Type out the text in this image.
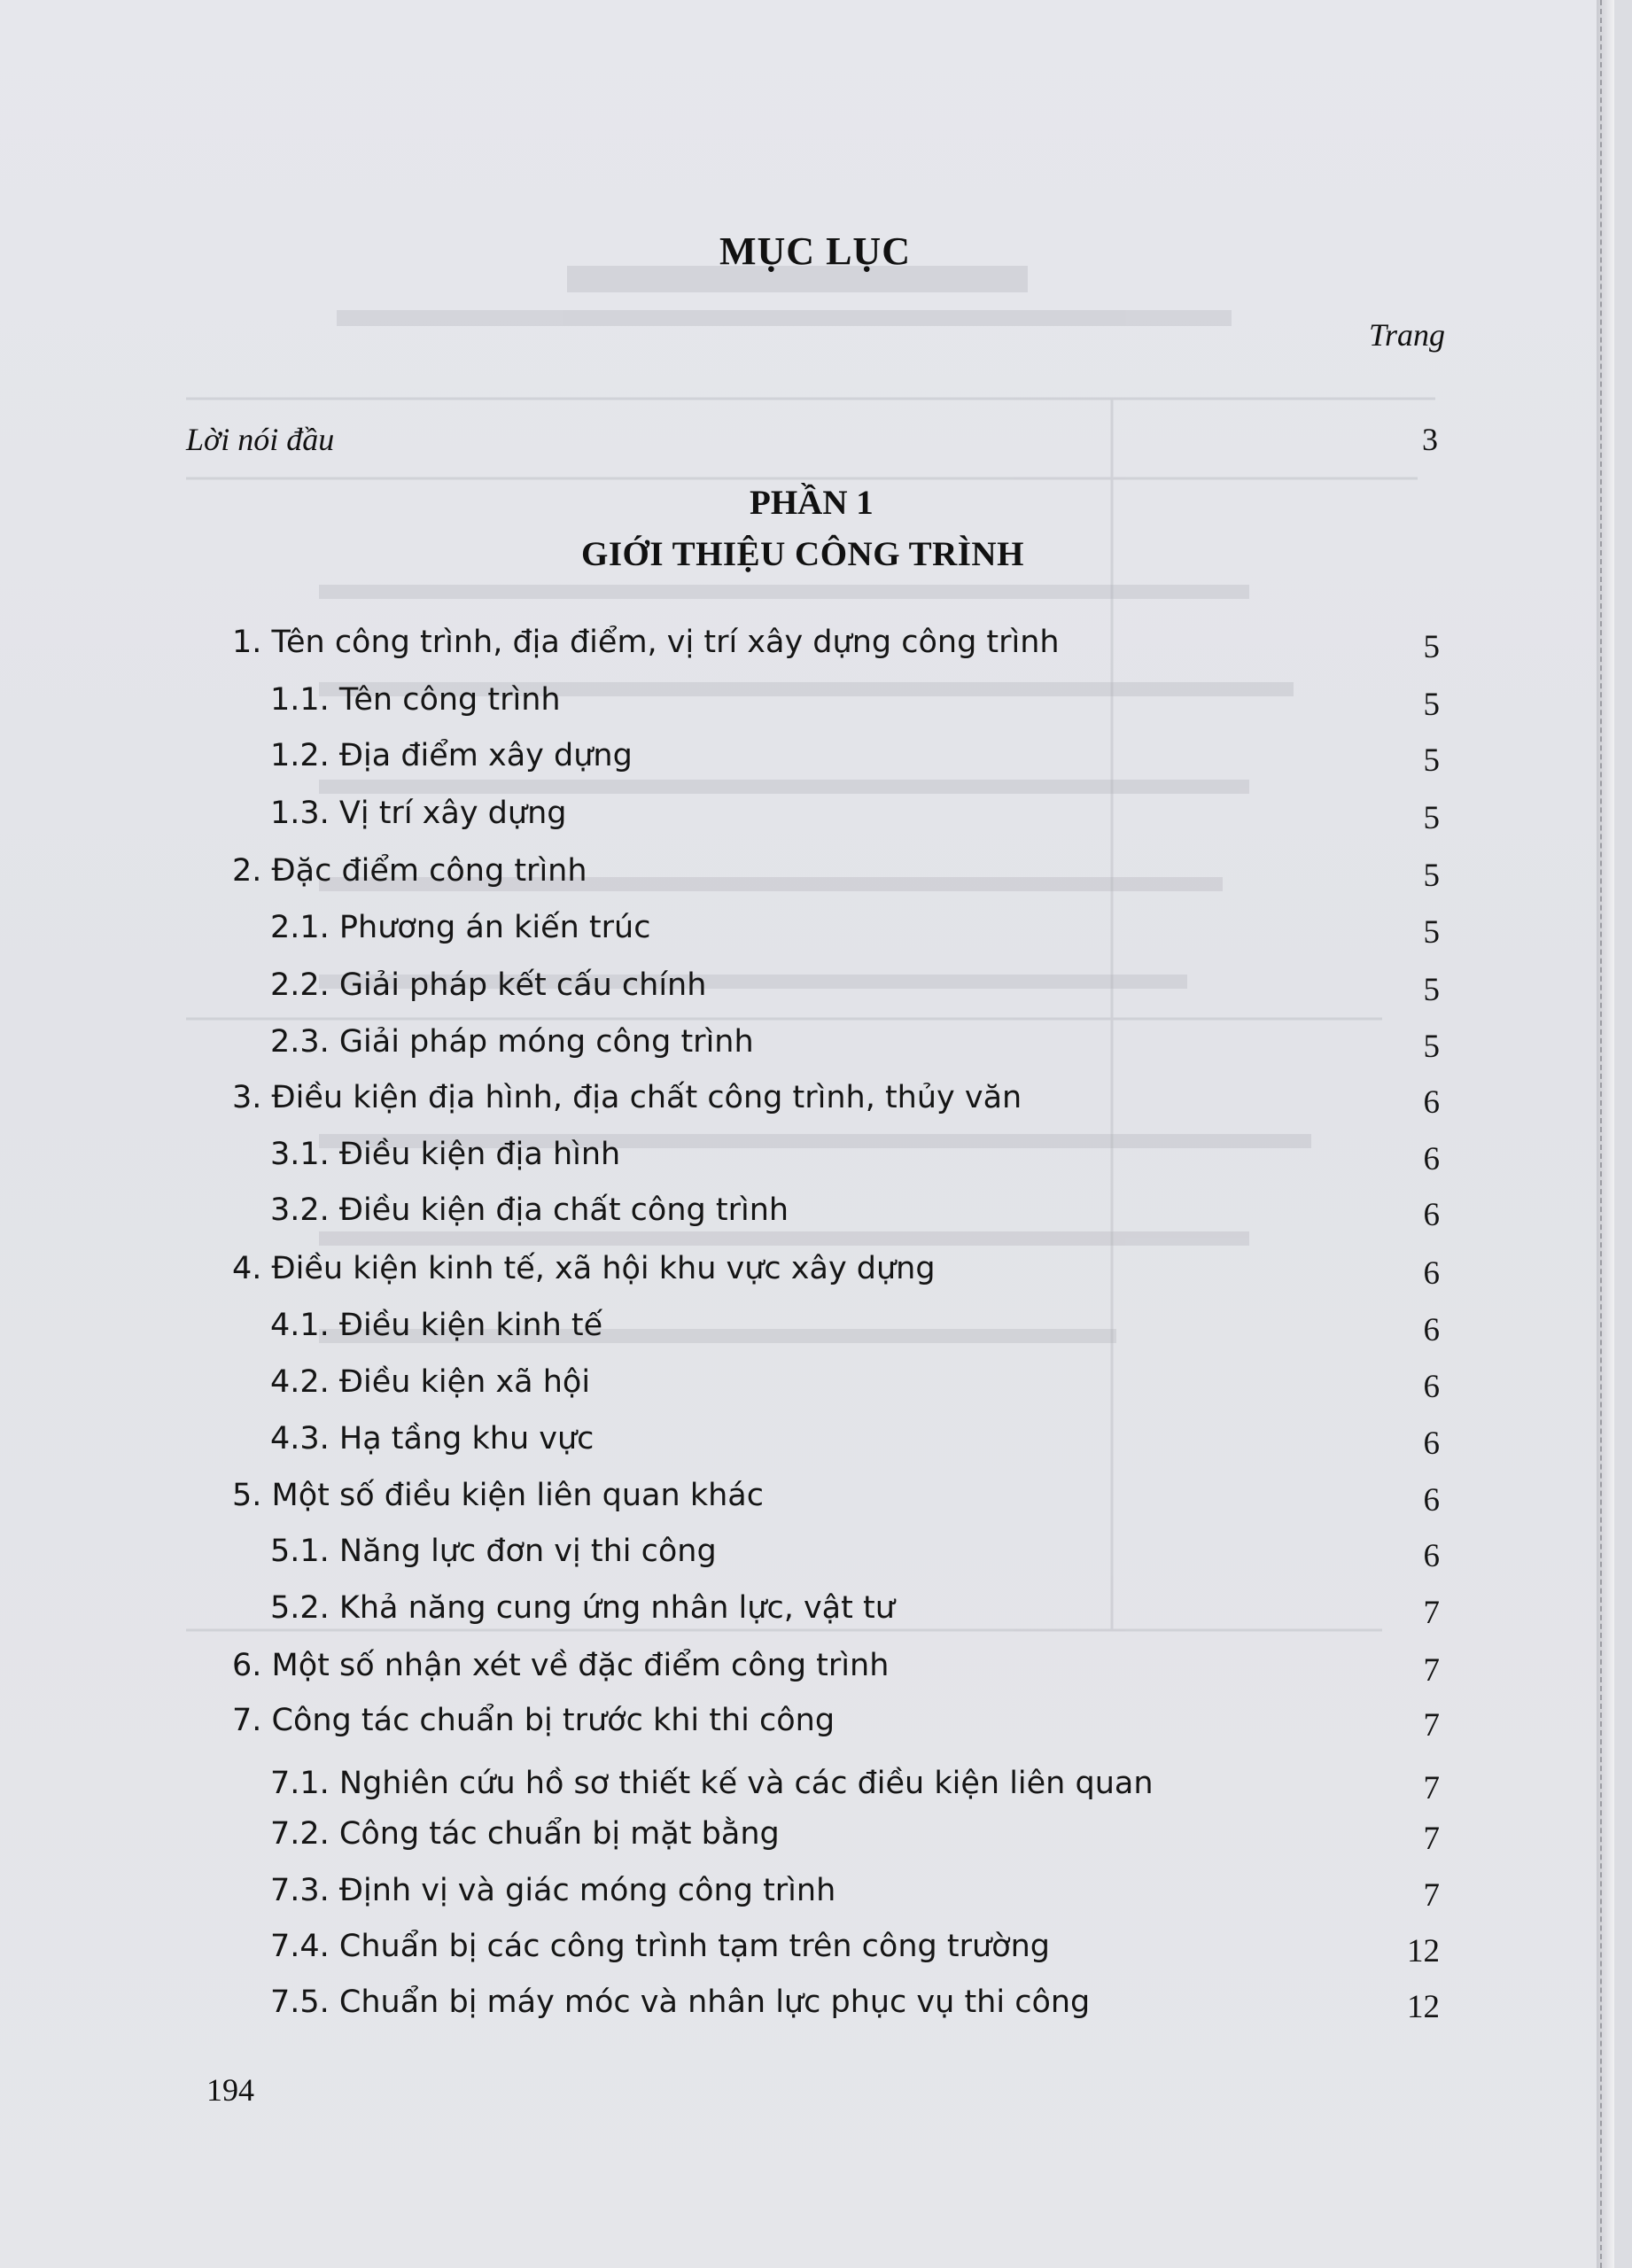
MỤC LỤC
Trang
Lời nói đầu	3
PHẦN 1
GIỚI THIỆU CÔNG TRÌNH
1. Tên công trình, địa điểm, vị trí xây dựng công trình	5
1.1. Tên công trình	5
1.2. Địa điểm xây dựng	5
1.3. Vị trí xây dựng	5
2. Đặc điểm công trình	5
2.1. Phương án kiến trúc	5
2.2. Giải pháp kết cấu chính	5
2.3. Giải pháp móng công trình	5
3. Điều kiện địa hình, địa chất công trình, thủy văn	6
3.1. Điều kiện địa hình	6
3.2. Điều kiện địa chất công trình	6
4. Điều kiện kinh tế, xã hội khu vực xây dựng	6
4.1. Điều kiện kinh tế	6
4.2. Điều kiện xã hội	6
4.3. Hạ tầng khu vực	6
5. Một số điều kiện liên quan khác	6
5.1. Năng lực đơn vị thi công	6
5.2. Khả năng cung ứng nhân lực, vật tư	7
6. Một số nhận xét về đặc điểm công trình	7
7. Công tác chuẩn bị trước khi thi công	7
7.1. Nghiên cứu hồ sơ thiết kế và các điều kiện liên quan	7
7.2. Công tác chuẩn bị mặt bằng	7
7.3. Định vị và giác móng công trình	7
7.4. Chuẩn bị các công trình tạm trên công trường	12
7.5. Chuẩn bị máy móc và nhân lực phục vụ thi công	12
194
